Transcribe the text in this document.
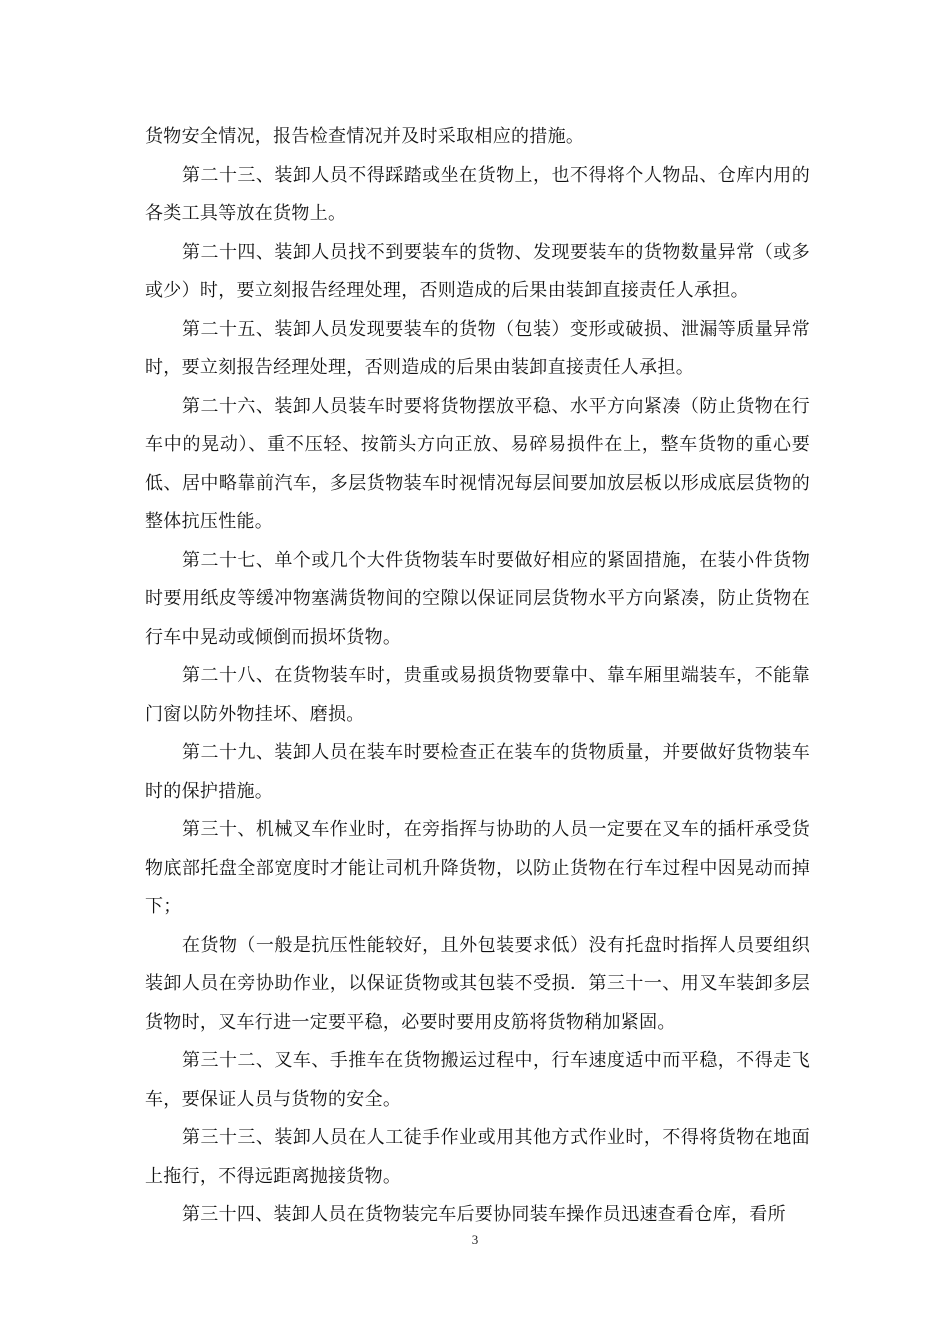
货物安全情况，报告检查情况并及时采取相应的措施。

第二十三、装卸人员不得踩踏或坐在货物上，也不得将个人物品、仓库内用的各类工具等放在货物上。

第二十四、装卸人员找不到要装车的货物、发现要装车的货物数量异常（或多或少）时，要立刻报告经理处理，否则造成的后果由装卸直接责任人承担。

第二十五、装卸人员发现要装车的货物（包装）变形或破损、泄漏等质量异常时，要立刻报告经理处理，否则造成的后果由装卸直接责任人承担。

第二十六、装卸人员装车时要将货物摆放平稳、水平方向紧凑（防止货物在行车中的晃动）、重不压轻、按箭头方向正放、易碎易损件在上，整车货物的重心要低、居中略靠前汽车，多层货物装车时视情况每层间要加放层板以形成底层货物的整体抗压性能。

第二十七、单个或几个大件货物装车时要做好相应的紧固措施，在装小件货物时要用纸皮等缓冲物塞满货物间的空隙以保证同层货物水平方向紧凑，防止货物在行车中晃动或倾倒而损坏货物。

第二十八、在货物装车时，贵重或易损货物要靠中、靠车厢里端装车，不能靠门窗以防外物挂坏、磨损。

第二十九、装卸人员在装车时要检查正在装车的货物质量，并要做好货物装车时的保护措施。

第三十、机械叉车作业时，在旁指挥与协助的人员一定要在叉车的插杆承受货物底部托盘全部宽度时才能让司机升降货物，以防止货物在行车过程中因晃动而掉下；

在货物（一般是抗压性能较好，且外包装要求低）没有托盘时指挥人员要组织装卸人员在旁协助作业，以保证货物或其包装不受损．第三十一、用叉车装卸多层货物时，叉车行进一定要平稳，必要时要用皮筋将货物稍加紧固。

第三十二、叉车、手推车在货物搬运过程中，行车速度适中而平稳，不得走飞车，要保证人员与货物的安全。

第三十三、装卸人员在人工徒手作业或用其他方式作业时，不得将货物在地面上拖行，不得远距离抛接货物。

第三十四、装卸人员在货物装完车后要协同装车操作员迅速查看仓库，看所

3
